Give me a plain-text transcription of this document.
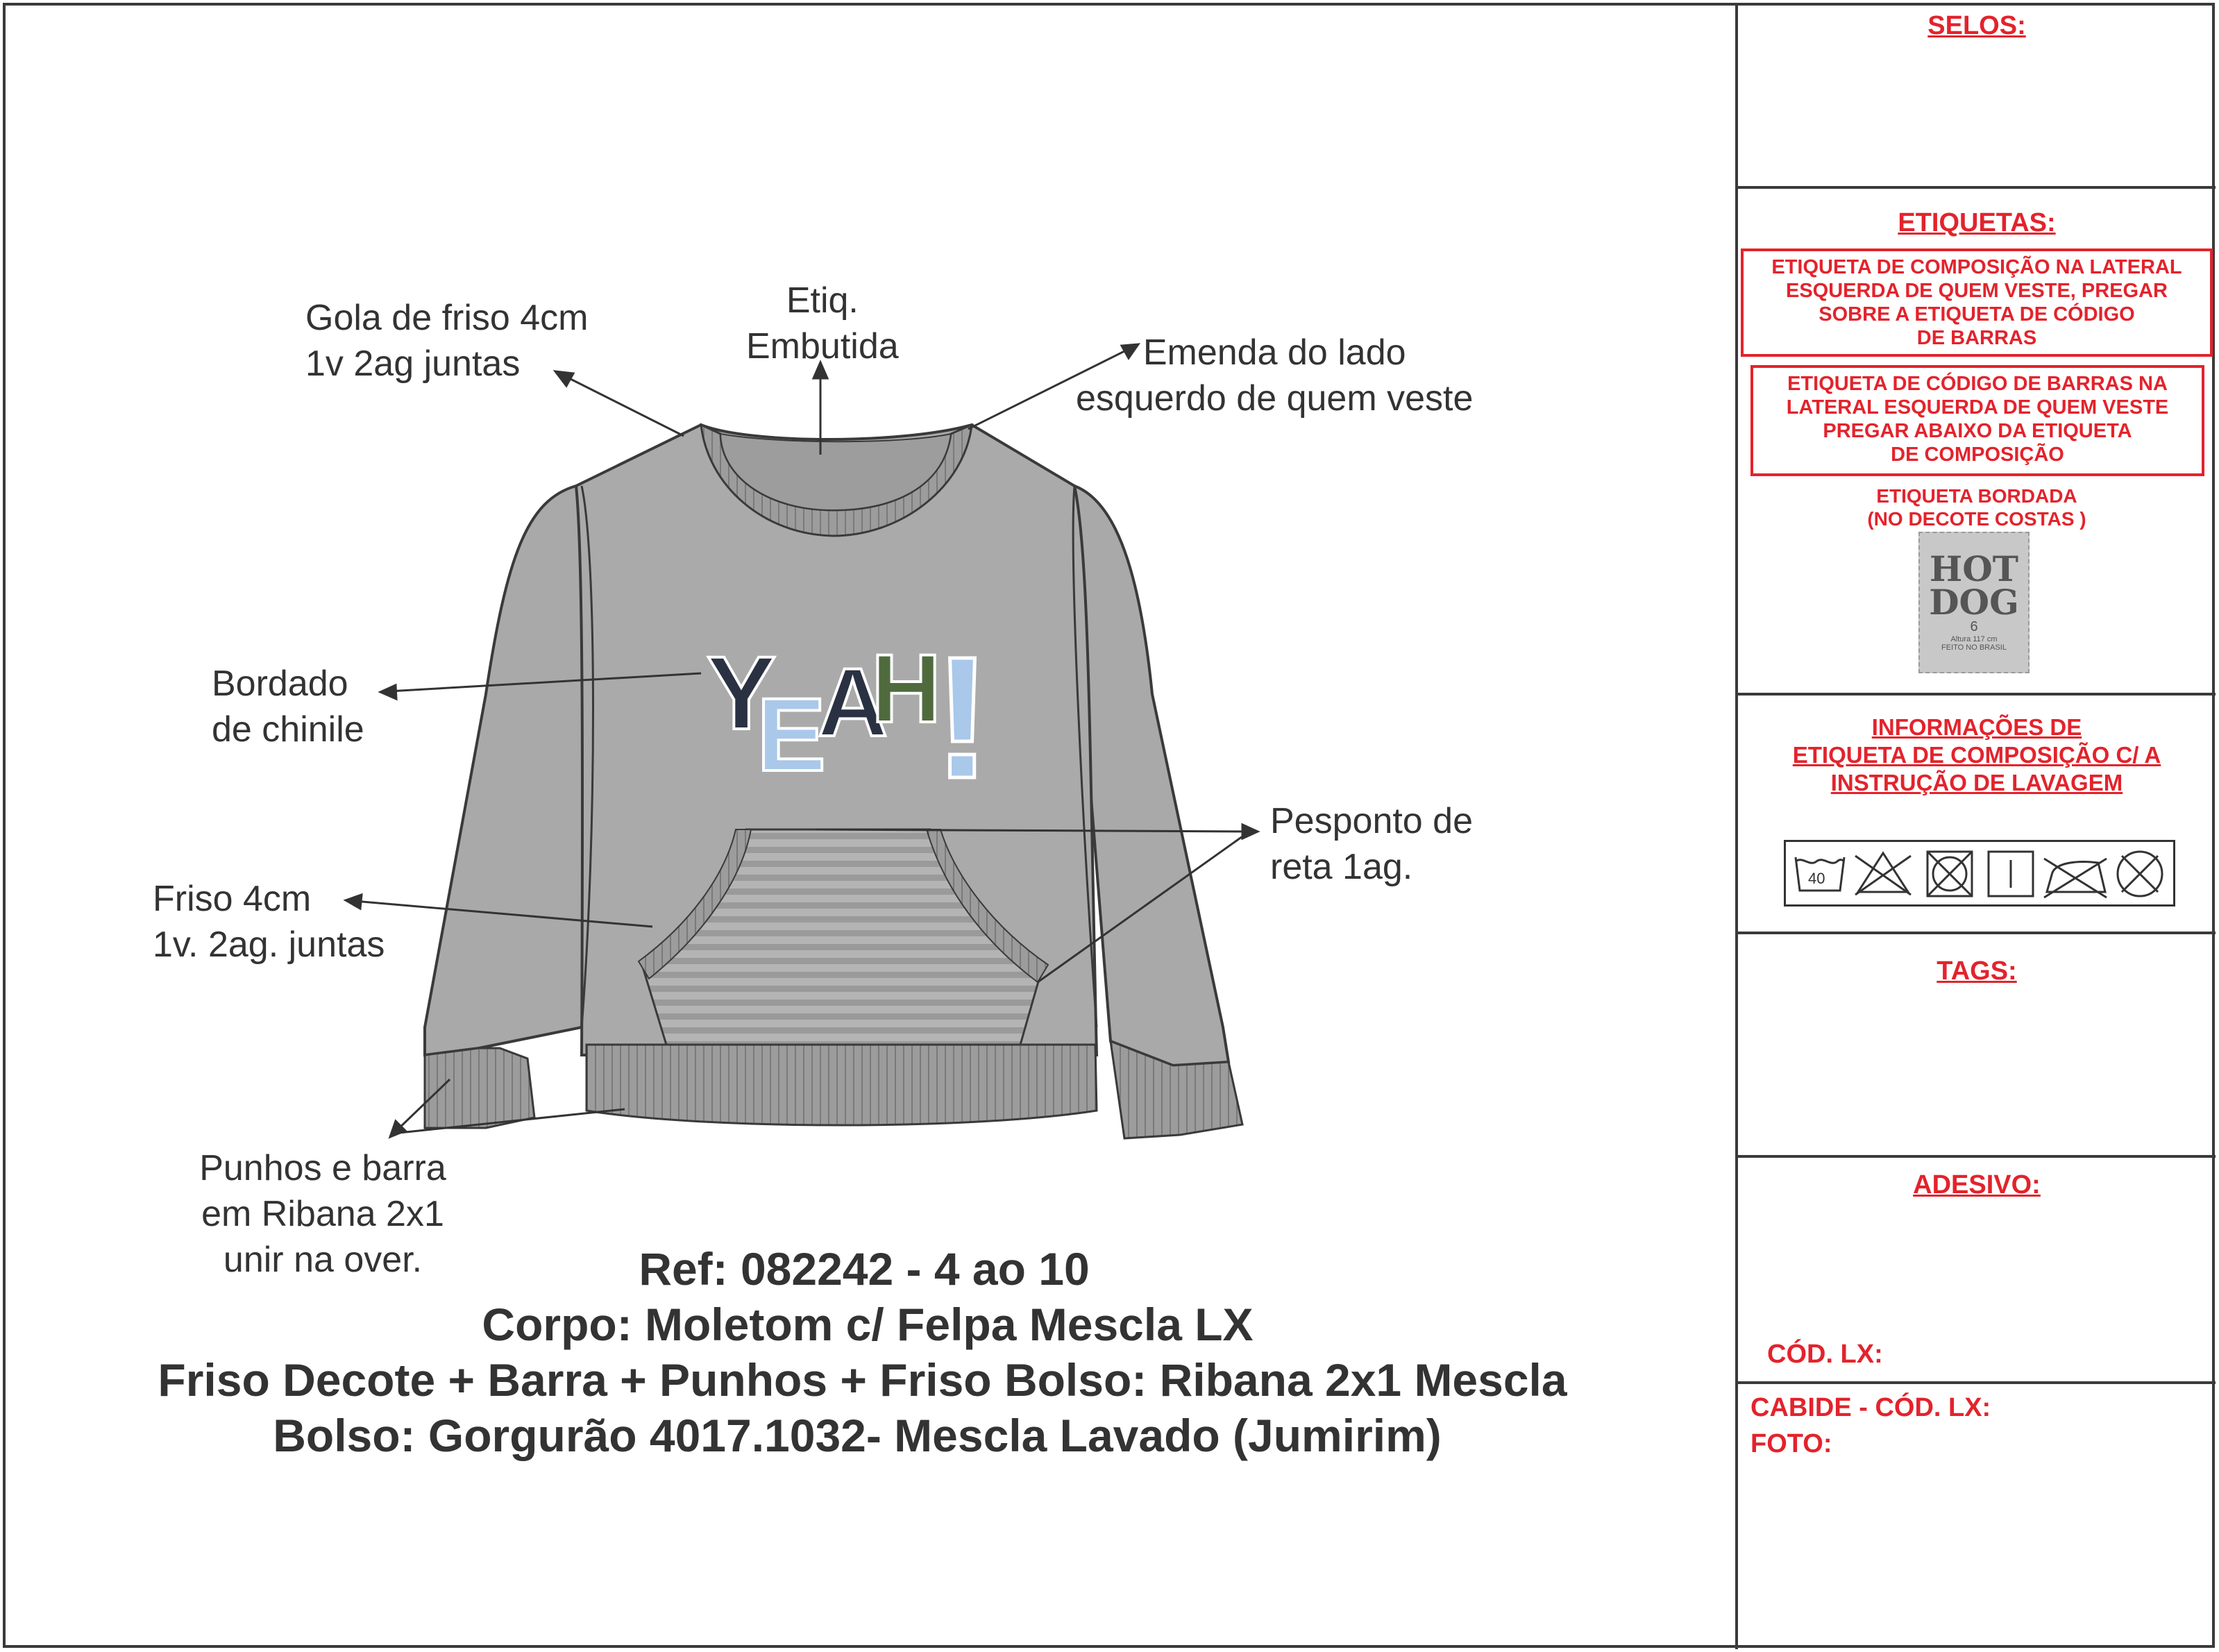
Y
E
A
H
!
Gola de friso 4cm
1v 2ag juntas
Etiq.
Embutida	Emenda do lado
esquerdo de quem veste
Bordado
de chinile
Pesponto de
reta 1ag.
Friso 4cm
1v. 2ag. juntas
Punhos e barra
em Ribana 2x1
unir na over.	Ref: 082242 - 4 ao 10
Corpo: Moletom c/ Felpa Mescla LX
Friso Decote + Barra + Punhos + Friso Bolso: Ribana 2x1 Mescla
Bolso: Gorgurão 4017.1032- Mescla Lavado (Jumirim)
SELOS:
ETIQUETAS:
ETIQUETA DE COMPOSIÇÃO NA LATERAL
ESQUERDA DE QUEM VESTE, PREGAR
SOBRE A ETIQUETA DE CÓDIGO
DE BARRAS
ETIQUETA DE CÓDIGO DE BARRAS NA
LATERAL ESQUERDA DE QUEM VESTE
PREGAR ABAIXO DA ETIQUETA
DE COMPOSIÇÃO
ETIQUETA BORDADA
(NO DECOTE COSTAS )
HOT
DOG
6
Altura 117 cm
FEITO NO BRASIL
INFORMAÇÕES DE
ETIQUETA DE COMPOSIÇÃO C/ A
INSTRUÇÃO DE LAVAGEM
40
TAGS:
ADESIVO:
CÓD. LX:
CABIDE - CÓD. LX:
FOTO:
